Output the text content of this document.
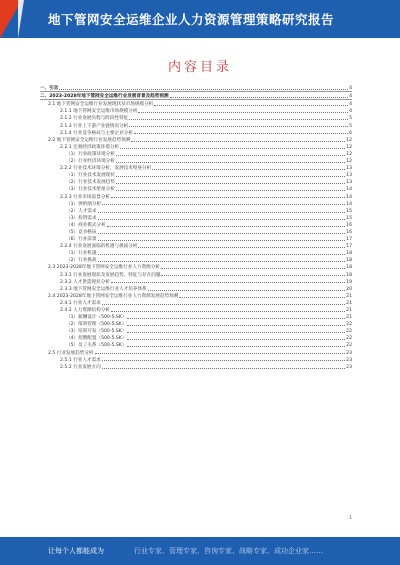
地下管网安全运维企业人力资源管理策略研究报告
内容目录
一、引言	4
二、2023-2028年地下管网安全运维行业发展背景及趋势预测	4
2.1 地下管网安全运维行业发展现状及市场规模分析	4
2.1.1 地下管网安全运维市场规模分析	4
2.1.2 行业发展历程与阶段性特征	5
2.1.3 行业上下游产业链情况分析	5
2.1.4 行业竞争格局与主要企业分析	6
2.2 地下管网安全运维行业发展趋势预测	12
2.2.1 宏观经济政策环境分析	12
（1）行业政策环境分析	12
（2）行业经济环境分析	12
2.2.2 行业技术环境分析，发展技术壁垒分析	13
（1）行业技术发展现状	13
（2）行业技术发展趋势	13
（3）行业技术壁垒分析	14
2.2.3 行业市场前景分析	14
（1）供给端分析	14
（2）人才需求	15
（3）投资需求	15
（4）商业模式分析	16
（5）竞争格局	16
（6）行业前景	17
2.2.4 行业发展面临的机遇与挑战分析	17
（1）行业机遇	18
（2）行业挑战	18
2.3 2023-2028年地下管网安全运维行业人力资源分析	18
2.3.1 行业发展现状及发展趋势、特征与存在问题	18
2.3.2 人才供需现状分析	19
2.3.3 地下管网安全运维行业人才培养体系	20
2.4 2023-2028年地下管网安全运维行业人力资源发展趋势预测	21
2.4.1 行业人才需求	21
2.4.2 人力资源结构分析	21
（1）薪酬设计（500-5.SK）	21
（2）绩效管理（500-5.SK）	22
（3）培训开发（500-5.SK）	22
（4）招聘配置（500-5.SK）	22
（5）员工关系（500-5.SK）	22
2.5 行业发展趋势分析	23
2.5.1 行业人才需求	23
2.5.2 行业发展方向	23
1
让每个人都能成为	行业专家、管理专家、咨询专家、战略专家、成功企业家……
